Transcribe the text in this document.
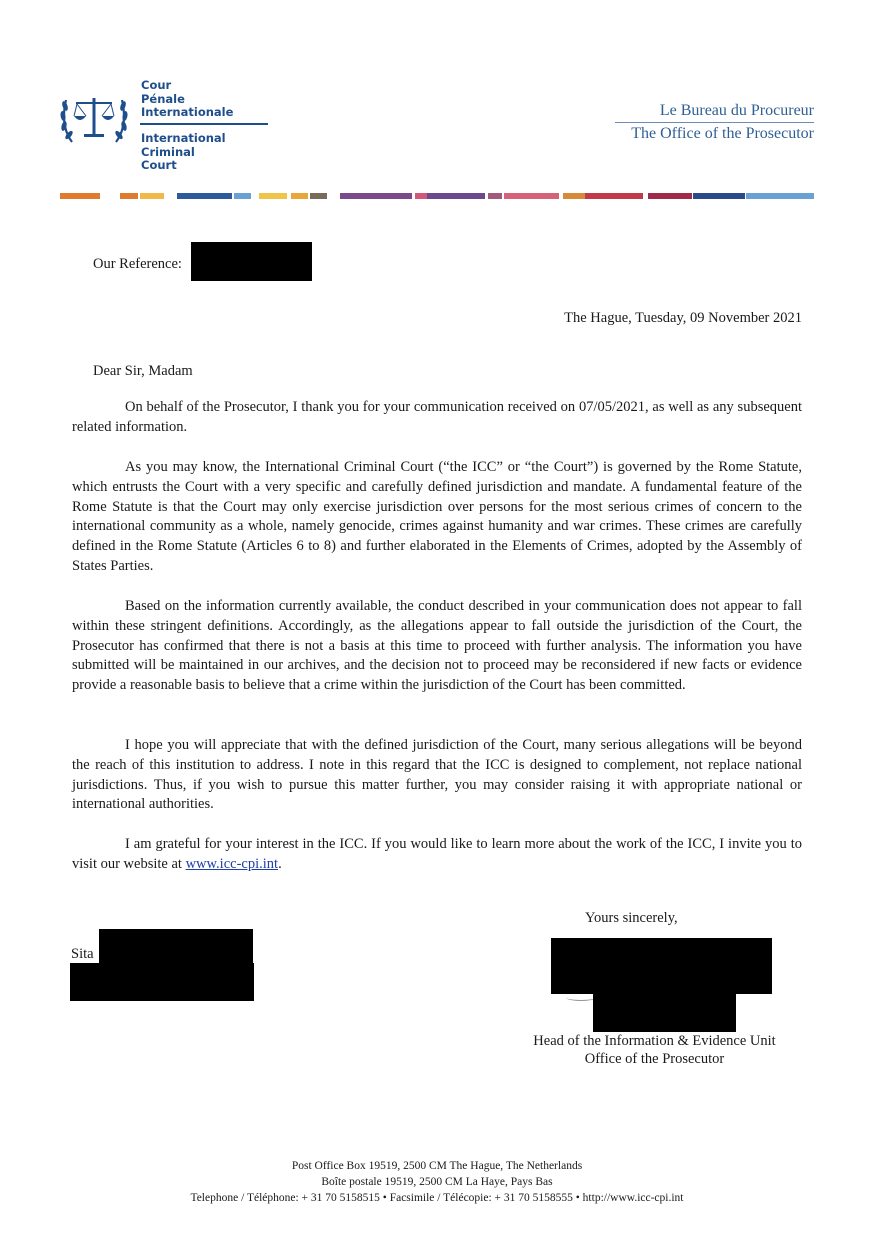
Cour
Pénale
Internationale
International
Criminal
Court
Le Bureau du Procureur
The Office of the Prosecutor
Our Reference:
The Hague, Tuesday, 09 November 2021
Dear Sir, Madam
On behalf of the Prosecutor, I thank you for your communication received on 07/05/2021, as well as any subsequent related information.
As you may know, the International Criminal Court (“the ICC” or “the Court”) is governed by the Rome Statute, which entrusts the Court with a very specific and carefully defined jurisdiction and mandate. A fundamental feature of the Rome Statute is that the Court may only exercise jurisdiction over persons for the most serious crimes of concern to the international community as a whole, namely genocide, crimes against humanity and war crimes. These crimes are carefully defined in the Rome Statute (Articles 6 to 8) and further elaborated in the Elements of Crimes, adopted by the Assembly of States Parties.
Based on the information currently available, the conduct described in your communication does not appear to fall within these stringent definitions. Accordingly, as the allegations appear to fall outside the jurisdiction of the Court, the Prosecutor has confirmed that there is not a basis at this time to proceed with further analysis. The information you have submitted will be maintained in our archives, and the decision not to proceed may be reconsidered if new facts or evidence provide a reasonable basis to believe that a crime within the jurisdiction of the Court has been committed.
I hope you will appreciate that with the defined jurisdiction of the Court, many serious allegations will be beyond the reach of this institution to address. I note in this regard that the ICC is designed to complement, not replace national jurisdictions. Thus, if you wish to pursue this matter further, you may consider raising it with appropriate national or international authorities.
I am grateful for your interest in the ICC. If you would like to learn more about the work of the ICC, I invite you to visit our website at www.icc-cpi.int.
Yours sincerely,
Sita
Head of the Information & Evidence Unit
Office of the Prosecutor
Post Office Box 19519, 2500 CM The Hague, The Netherlands
Boîte postale 19519, 2500 CM La Haye, Pays Bas
Telephone / Téléphone: + 31 70 5158515 • Facsimile / Télécopie: + 31 70 5158555 • http://www.icc-cpi.int
